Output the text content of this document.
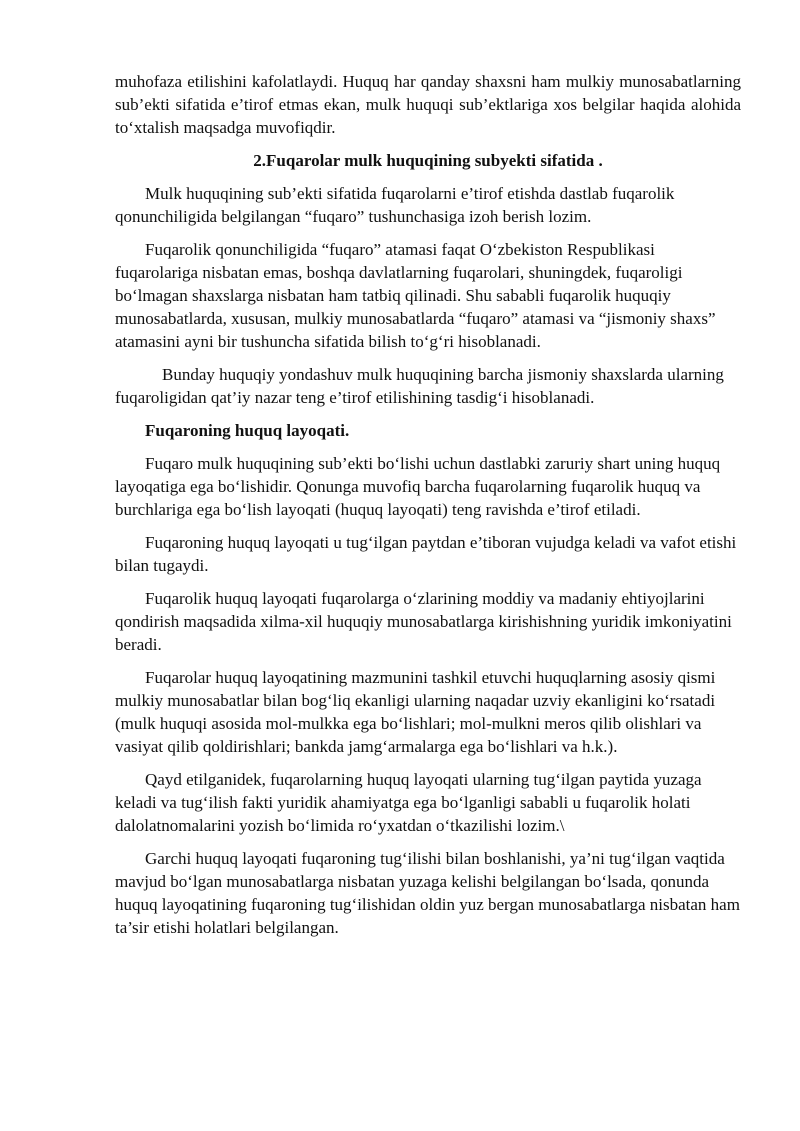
muhofaza etilishini kafolatlaydi. Huquq har qanday shaxsni ham mulkiy munosabatlarning sub’ekti sifatida e’tirof etmas ekan, mulk huquqi sub’ektlariga xos belgilar haqida alohida to‘xtalish maqsadga muvofiqdir.

2.Fuqarolar mulk huquqining subyekti sifatida .

Mulk huquqining sub’ekti sifatida fuqarolarni e’tirof etishda dastlab fuqarolik qonunchiligida belgilangan “fuqaro” tushunchasiga izoh berish lozim.

Fuqarolik qonunchiligida “fuqaro” atamasi faqat O‘zbekiston Respublikasi fuqarolariga nisbatan emas, boshqa davlatlarning fuqarolari, shuningdek, fuqaroligi bo‘lmagan shaxslarga nisbatan ham tatbiq qilinadi. Shu sababli fuqarolik huquqiy munosabatlarda, xususan, mulkiy munosabatlarda “fuqaro” atamasi va “jismoniy shaxs” atamasini ayni bir tushuncha sifatida bilish to‘g‘ri hisoblanadi.

Bunday huquqiy yondashuv mulk huquqining barcha jismoniy shaxslarda ularning fuqaroligidan qat’iy nazar teng e’tirof etilishining tasdig‘i hisoblanadi.

Fuqaroning huquq layoqati.

Fuqaro mulk huquqining sub’ekti bo‘lishi uchun dastlabki zaruriy shart uning huquq layoqatiga ega bo‘lishidir. Qonunga muvofiq barcha fuqarolarning fuqarolik huquq va burchlariga ega bo‘lish layoqati (huquq layoqati) teng ravishda e’tirof etiladi.

Fuqaroning huquq layoqati u tug‘ilgan paytdan e’tiboran vujudga keladi va vafot etishi bilan tugaydi.

Fuqarolik huquq layoqati fuqarolarga o‘zlarining moddiy va madaniy ehtiyojlarini qondirish maqsadida xilma-xil huquqiy munosabatlarga kirishishning yuridik imkoniyatini beradi.

Fuqarolar huquq layoqatining mazmunini tashkil etuvchi huquqlarning asosiy qismi mulkiy munosabatlar bilan bog‘liq ekanligi ularning naqadar uzviy ekanligini ko‘rsatadi (mulk huquqi asosida mol-mulkka ega bo‘lishlari; mol-mulkni meros qilib olishlari va vasiyat qilib qoldirishlari; bankda jamg‘armalarga ega bo‘lishlari va h.k.).

Qayd etilganidek, fuqarolarning huquq layoqati ularning tug‘ilgan paytida yuzaga keladi va tug‘ilish fakti yuridik ahamiyatga ega bo‘lganligi sababli u fuqarolik holati dalolatnomalarini yozish bo‘limida ro‘yxatdan o‘tkazilishi lozim.\

Garchi huquq layoqati fuqaroning tug‘ilishi bilan boshlanishi, ya’ni tug‘ilgan vaqtida mavjud bo‘lgan munosabatlarga nisbatan yuzaga kelishi belgilangan bo‘lsada, qonunda huquq layoqatining fuqaroning tug‘ilishidan oldin yuz bergan munosabatlarga nisbatan ham ta’sir etishi holatlari belgilangan.
